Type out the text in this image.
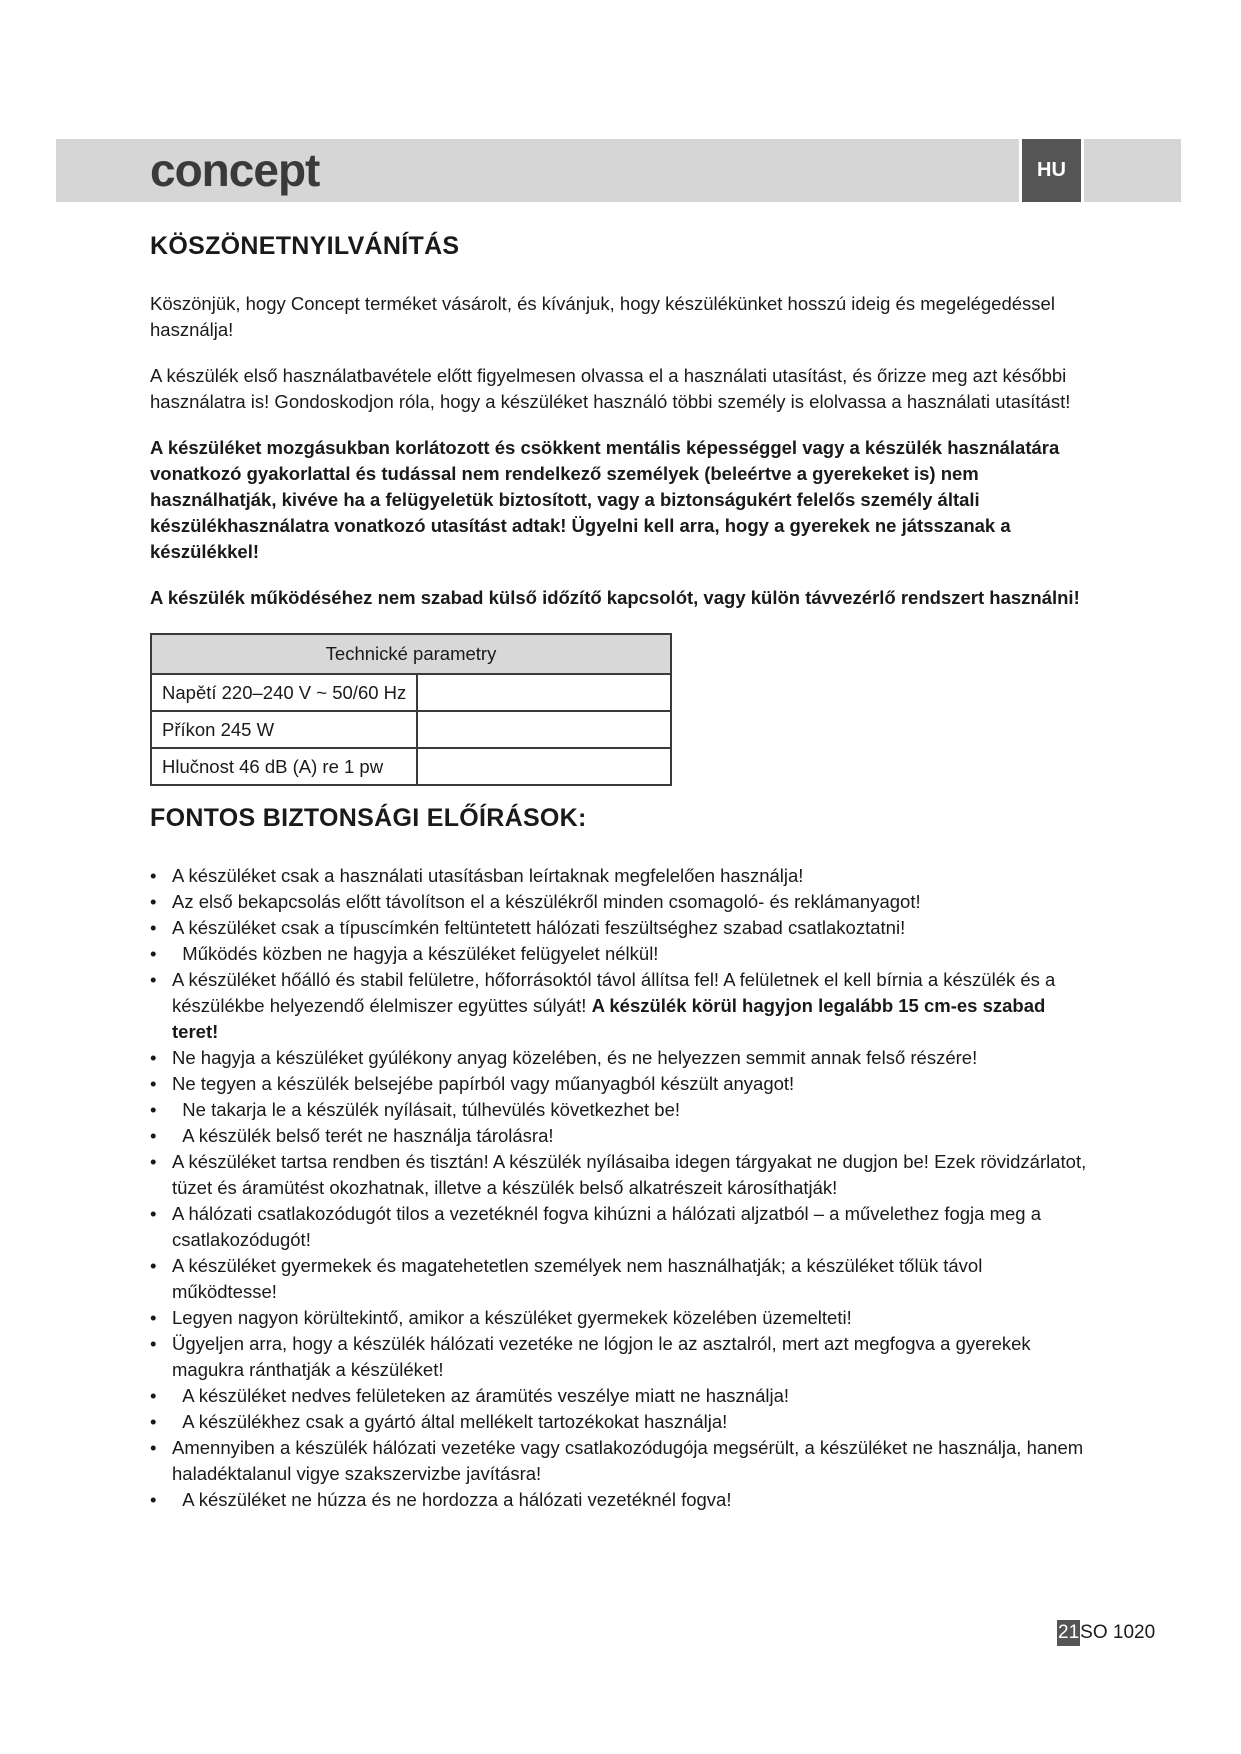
concept	HU
KÖSZÖNETNYILVÁNÍTÁS

Köszönjük, hogy Concept terméket vásárolt, és kívánjuk, hogy készülékünket hosszú ideig és megelégedéssel használja!

A készülék első használatbavétele előtt figyelmesen olvassa el a használati utasítást, és őrizze meg azt későbbi használatra is! Gondoskodjon róla, hogy a készüléket használó többi személy is elolvassa a használati utasítást!

A készüléket mozgásukban korlátozott és csökkent mentális képességgel vagy a készülék használatára vonatkozó gyakorlattal és tudással nem rendelkező személyek (beleértve a gyerekeket is) nem használhatják, kivéve ha a felügyeletük biztosított, vagy a biztonságukért felelős személy általi készülékhasználatra vonatkozó utasítást adtak! Ügyelni kell arra, hogy a gyerekek ne játsszanak a készülékkel!

A készülék működéséhez nem szabad külső időzítő kapcsolót, vagy külön távvezérlő rendszert használni!

Technické parametry	
Napětí 220–240 V ~ 50/60 Hz	
Příkon 245 W	
Hlučnost 46 dB (A) re 1 pw	
FONTOS BIZTONSÁGI ELŐÍRÁSOK:
• A készüléket csak a használati utasításban leírtaknak megfelelően használja!
• Az első bekapcsolás előtt távolítson el a készülékről minden csomagoló- és reklámanyagot!
• A készüléket csak a típuscímkén feltüntetett hálózati feszültséghez szabad csatlakoztatni!
•   Működés közben ne hagyja a készüléket felügyelet nélkül!
• A készüléket hőálló és stabil felületre, hőforrásoktól távol állítsa fel! A felületnek el kell bírnia a készülék és a készülékbe helyezendő élelmiszer együttes súlyát! A készülék körül hagyjon legalább 15 cm-es szabad teret!
• Ne hagyja a készüléket gyúlékony anyag közelében, és ne helyezzen semmit annak felső részére!
• Ne tegyen a készülék belsejébe papírból vagy műanyagból készült anyagot!
•   Ne takarja le a készülék nyílásait, túlhevülés következhet be!
•   A készülék belső terét ne használja tárolásra!
• A készüléket tartsa rendben és tisztán! A készülék nyílásaiba idegen tárgyakat ne dugjon be! Ezek rövidzárlatot, tüzet és áramütést okozhatnak, illetve a készülék belső alkatrészeit károsíthatják!
• A hálózati csatlakozódugót tilos a vezetéknél fogva kihúzni a hálózati aljzatból – a művelethez fogja meg a csatlakozódugót!
• A készüléket gyermekek és magatehetetlen személyek nem használhatják; a készüléket tőlük távol működtesse!
• Legyen nagyon körültekintő, amikor a készüléket gyermekek közelében üzemelteti!
• Ügyeljen arra, hogy a készülék hálózati vezetéke ne lógjon le az asztalról, mert azt megfogva a gyerekek magukra ránthatják a készüléket!
•   A készüléket nedves felületeken az áramütés veszélye miatt ne használja!
•   A készülékhez csak a gyártó által mellékelt tartozékokat használja!
• Amennyiben a készülék hálózati vezetéke vagy csatlakozódugója megsérült, a készüléket ne használja, hanem haladéktalanul vigye szakszervizbe javításra!
•   A készüléket ne húzza és ne hordozza a hálózati vezetéknél fogva!
21SO 1020
